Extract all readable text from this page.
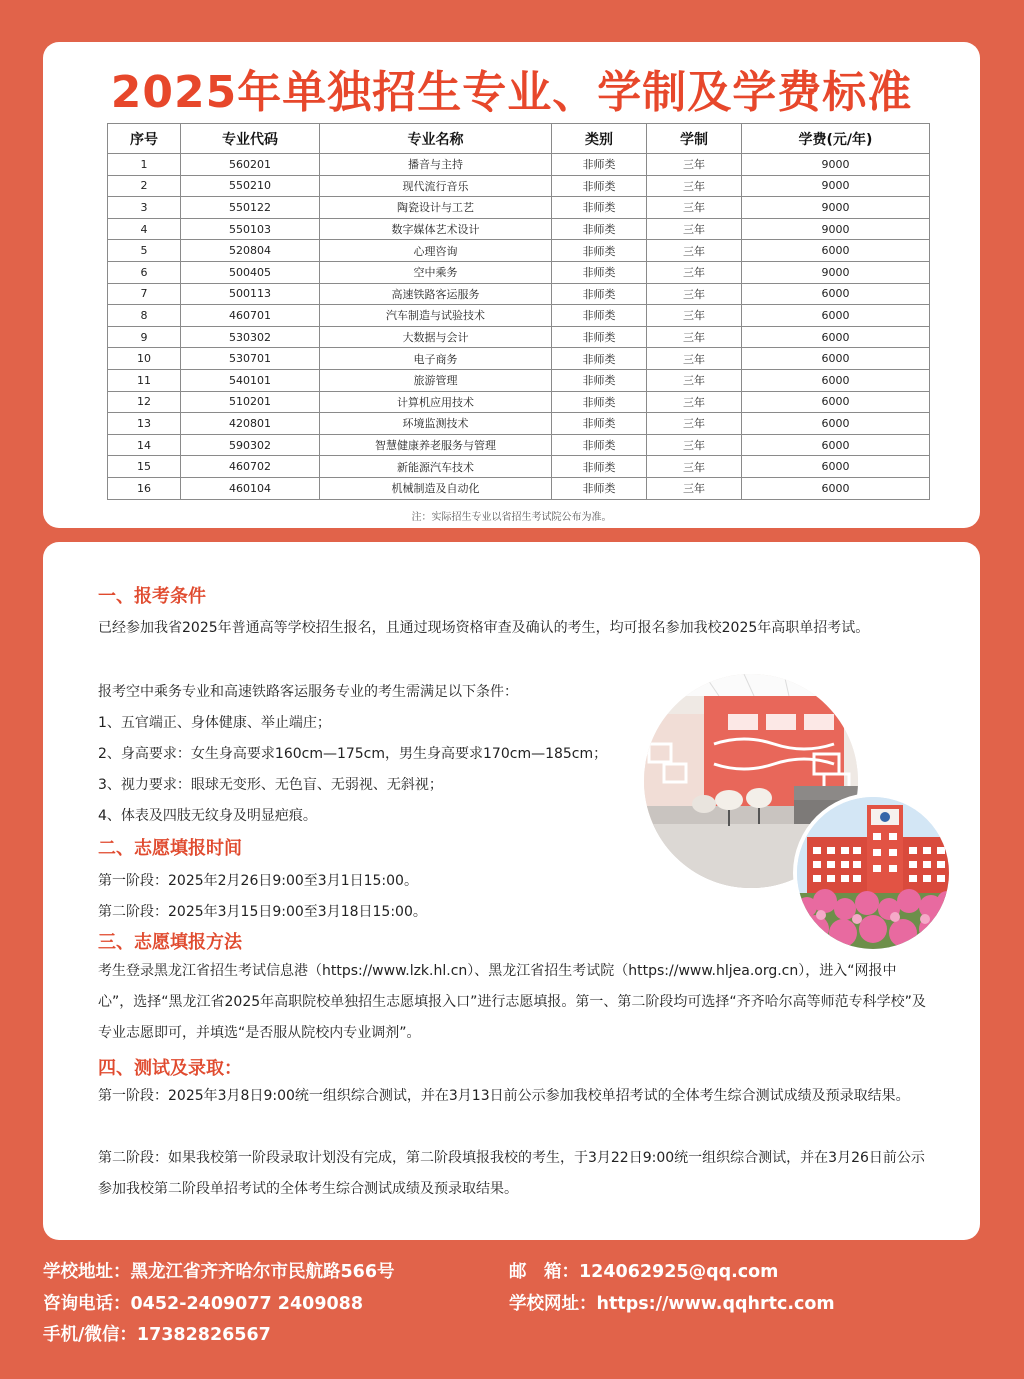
2025年单独招生专业、学制及学费标准
序号	专业代码	专业名称	类别	学制	学费(元/年)
1	560201	播音与主持	非师类	三年	9000
2	550210	现代流行音乐	非师类	三年	9000
3	550122	陶瓷设计与工艺	非师类	三年	9000
4	550103	数字媒体艺术设计	非师类	三年	9000
5	520804	心理咨询	非师类	三年	6000
6	500405	空中乘务	非师类	三年	9000
7	500113	高速铁路客运服务	非师类	三年	6000
8	460701	汽车制造与试验技术	非师类	三年	6000
9	530302	大数据与会计	非师类	三年	6000
10	530701	电子商务	非师类	三年	6000
11	540101	旅游管理	非师类	三年	6000
12	510201	计算机应用技术	非师类	三年	6000
13	420801	环境监测技术	非师类	三年	6000
14	590302	智慧健康养老服务与管理	非师类	三年	6000
15	460702	新能源汽车技术	非师类	三年	6000
16	460104	机械制造及自动化	非师类	三年	6000
注：实际招生专业以省招生考试院公布为准。
一、报考条件

已经参加我省2025年普通高等学校招生报名，且通过现场资格审查及确认的考生，均可报名参加我校2025年高职单招考试。

报考空中乘务专业和高速铁路客运服务专业的考生需满足以下条件：
1、五官端正、身体健康、举止端庄；
2、身高要求：女生身高要求160cm—175cm，男生身高要求170cm—185cm；
3、视力要求：眼球无变形、无色盲、无弱视、无斜视；
4、体表及四肢无纹身及明显疤痕。
二、志愿填报时间
第一阶段：2025年2月26日9:00至3月1日15:00。
第二阶段：2025年3月15日9:00至3月18日15:00。
三、志愿填报方法

考生登录黑龙江省招生考试信息港（https://www.lzk.hl.cn）、黑龙江省招生考试院（https://www.hljea.org.cn），进入“网报中心”，选择“黑龙江省2025年高职院校单独招生志愿填报入口”进行志愿填报。第一、第二阶段均可选择“齐齐哈尔高等师范专科学校”及专业志愿即可，并填选“是否服从院校内专业调剂”。

四、测试及录取：

第一阶段：2025年3月8日9:00统一组织综合测试，并在3月13日前公示参加我校单招考试的全体考生综合测试成绩及预录取结果。

第二阶段：如果我校第一阶段录取计划没有完成，第二阶段填报我校的考生，于3月22日9:00统一组织综合测试，并在3月26日前公示参加我校第二阶段单招考试的全体考生综合测试成绩及预录取结果。

学校地址：黑龙江省齐齐哈尔市民航路566号
咨询电话：0452-2409077 2409088
手机/微信：17382826567
邮　箱：124062925@qq.com
学校网址：https://www.qqhrtc.com
